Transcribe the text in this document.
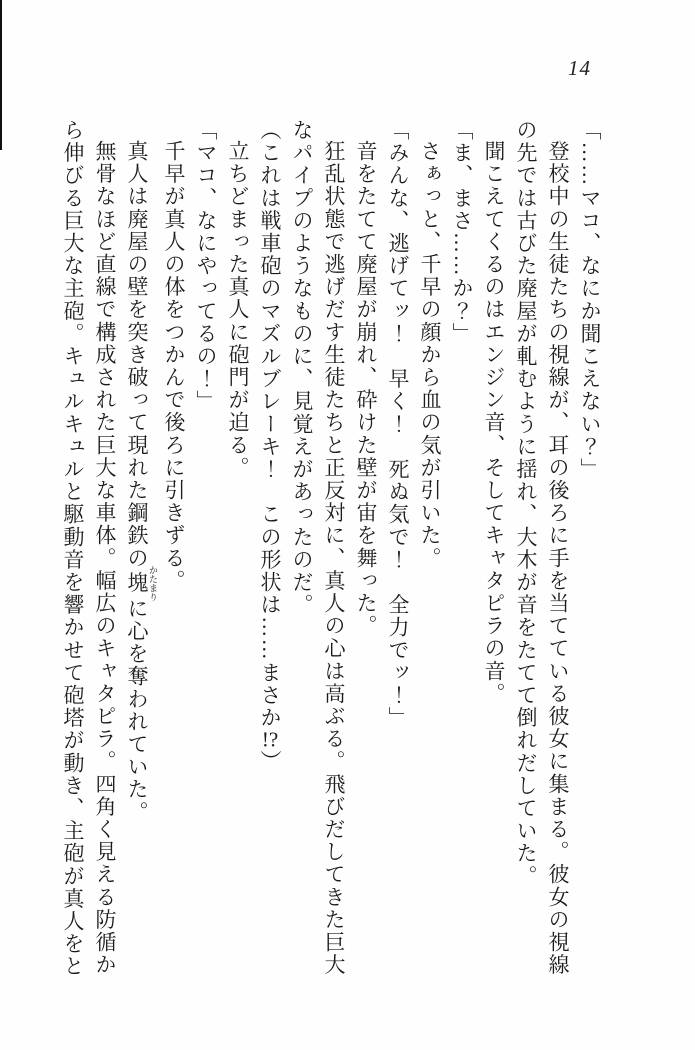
14

「……マコ、なにか聞こえない？」

登校中の生徒たちの視線が、耳の後ろに手を当てている彼女に集まる。彼女の視線

の先では古びた廃屋が軋むように揺れ、大木が音をたてて倒れだしていた。

聞こえてくるのはエンジン音、そしてキャタピラの音。

「ま、まさ……か？」

さぁっと、千早の顔から血の気が引いた。

「みんな、逃げてッ！　早く！　死ぬ気で！　全力でッ！」

音をたてて廃屋が崩れ、砕けた壁が宙を舞った。

狂乱状態で逃げだす生徒たちと正反対に、真人の心は高ぶる。飛びだしてきた巨大

なパイプのようなものに、見覚えがあったのだ。

（これは戦車砲のマズルブレーキ！　この形状は……まさか!?）

立ちどまった真人に砲門が迫る。

「マコ、なにやってるの！」

千早が真人の体をつかんで後ろに引きずる。

真人は廃屋の壁を突き破って現れた鋼鉄の塊 かたまりに心を奪われていた。

無骨なほど直線で構成された巨大な車体。幅広のキャタピラ。四角く見える防循か

ら伸びる巨大な主砲。キュルキュルと駆動音を響かせて砲塔が動き、主砲が真人をと
